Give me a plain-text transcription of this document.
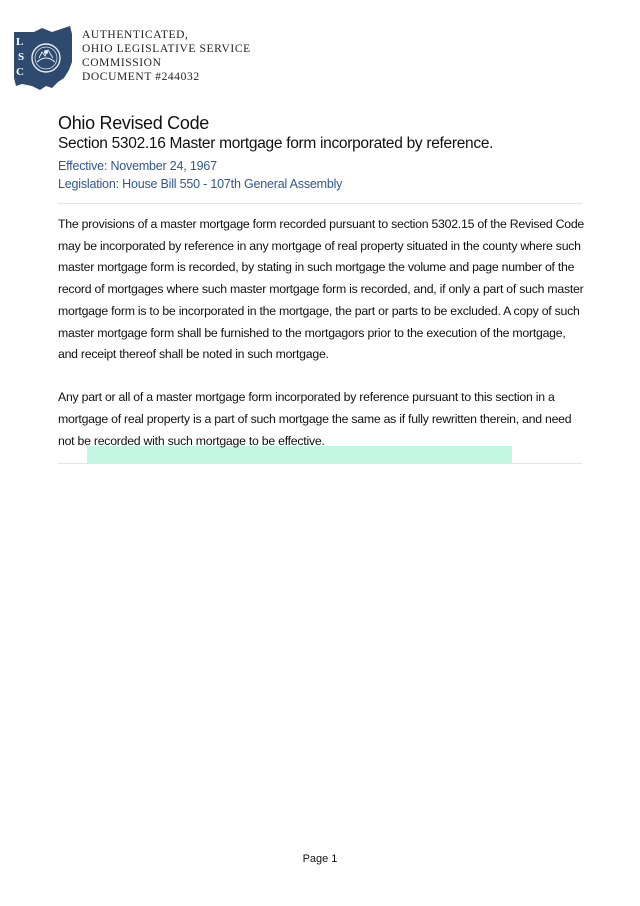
L
S
C
AUTHENTICATED,
OHIO LEGISLATIVE SERVICE
COMMISSION
DOCUMENT #244032
Ohio Revised Code
Section 5302.16 Master mortgage form incorporated by reference.
Effective: November 24, 1967
Legislation: House Bill 550 - 107th General Assembly

The provisions of a master mortgage form recorded pursuant to section 5302.15 of the Revised Code may be incorporated by reference in any mortgage of real property situated in the county where such master mortgage form is recorded, by stating in such mortgage the volume and page number of the record of mortgages where such master mortgage form is recorded, and, if only a part of such master mortgage form is to be incorporated in the mortgage, the part or parts to be excluded. A copy of such master mortgage form shall be furnished to the mortgagors prior to the execution of the mortgage, and receipt thereof shall be noted in such mortgage.

Any part or all of a master mortgage form incorporated by reference pursuant to this section in a mortgage of real property is a part of such mortgage the same as if fully rewritten therein, and need not be recorded with such mortgage to be effective.

Page 1
